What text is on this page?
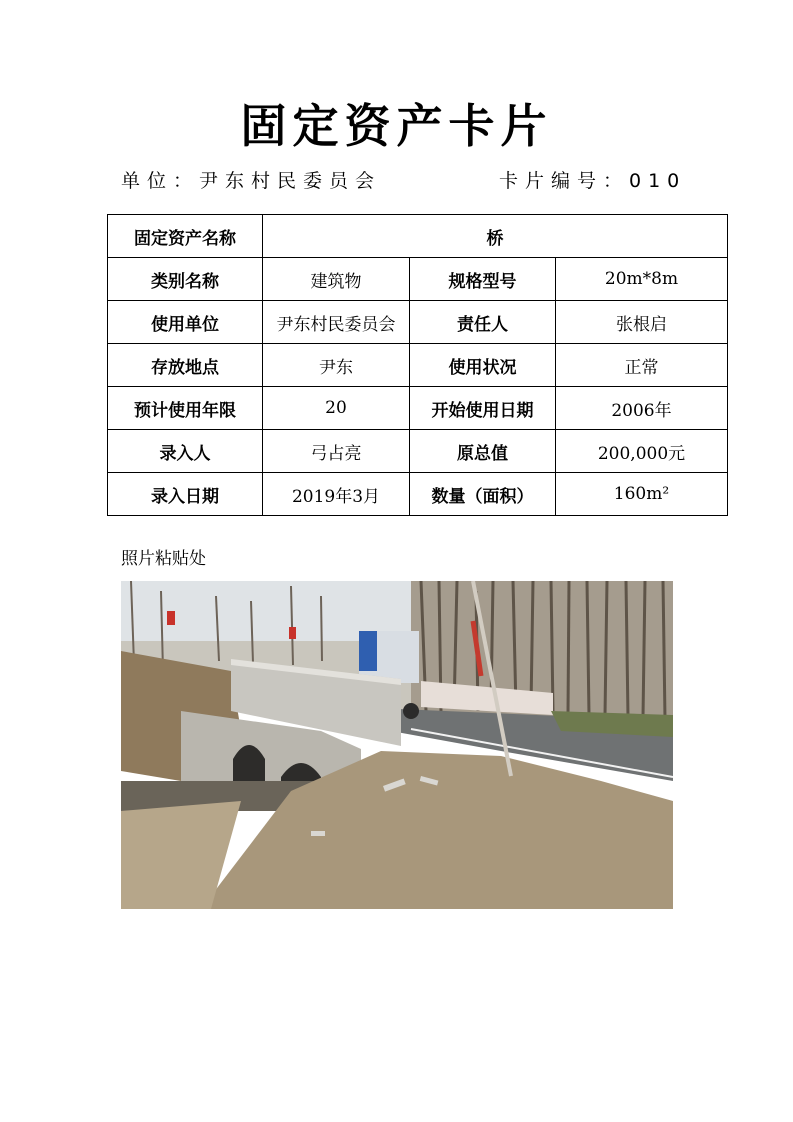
固定资产卡片
单位：尹东村民委员会	卡片编号：010
固定资产名称	桥		
类别名称	建筑物	规格型号	20m*8m
使用单位	尹东村民委员会	责任人	张根启
存放地点	尹东	使用状况	正常
预计使用年限	20	开始使用日期	2006年
录入人	弓占亮	原总值	200,000元
录入日期	2019年3月	数量（面积）	160m²
照片粘贴处
